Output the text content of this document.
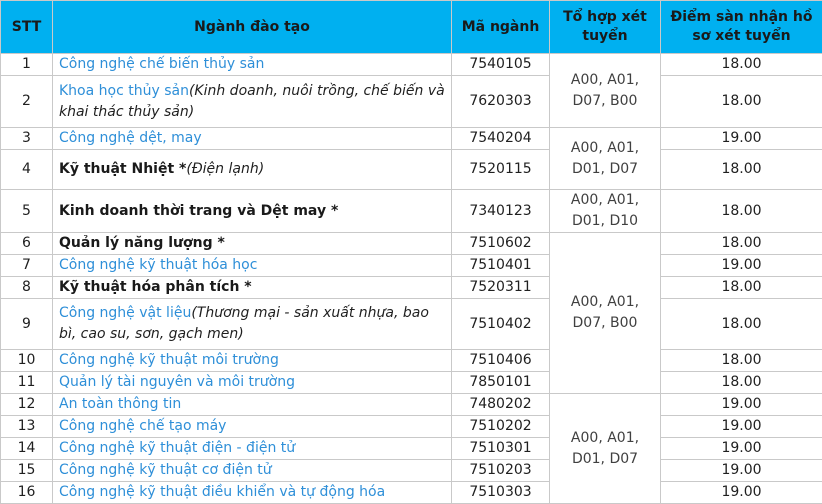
STT	Ngành đào tạo	Mã ngành	Tổ hợp xét tuyển	Điểm sàn nhận hồ sơ xét tuyển
1	Công nghệ chế biến thủy sản	7540105	A00, A01, D07, B00	18.00
2	Khoa học thủy sản(Kinh doanh, nuôi trồng, chế biến và khai thác thủy sản)	7620303		18.00
3	Công nghệ dệt, may	7540204	A00, A01, D01, D07	19.00
4	Kỹ thuật Nhiệt *(Điện lạnh)	7520115		18.00
5	Kinh doanh thời trang và Dệt may *	7340123	A00, A01, D01, D10	18.00
6	Quản lý năng lượng *	7510602	A00, A01, D07, B00	18.00
7	Công nghệ kỹ thuật hóa học	7510401		19.00
8	Kỹ thuật hóa phân tích *	7520311		18.00
9	Công nghệ vật liệu(Thương mại - sản xuất nhựa, bao bì, cao su, sơn, gạch men)	7510402		18.00
10	Công nghệ kỹ thuật môi trường	7510406		18.00
11	Quản lý tài nguyên và môi trường	7850101		18.00
12	An toàn thông tin	7480202	A00, A01, D01, D07	19.00
13	Công nghệ chế tạo máy	7510202		19.00
14	Công nghệ kỹ thuật điện - điện tử	7510301		19.00
15	Công nghệ kỹ thuật cơ điện tử	7510203		19.00
16	Công nghệ kỹ thuật điều khiển và tự động hóa	7510303		19.00
